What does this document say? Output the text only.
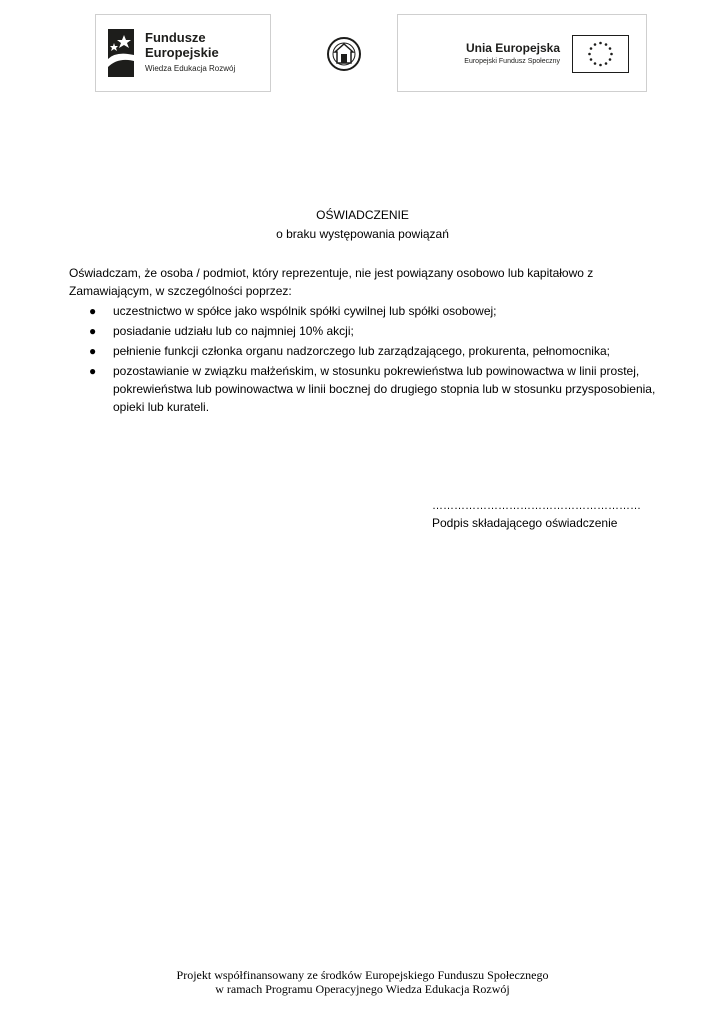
Fundusze
Europejskie
Wiedza Edukacja Rozwój
Unia Europejska
Europejski Fundusz Społeczny
OŚWIADCZENIE
o braku występowania powiązań

Oświadczam, że osoba / podmiot, który reprezentuje, nie jest powiązany osobowo lub kapitałowo z Zamawiającym, w szczególności poprzez:

● uczestnictwo w spółce jako wspólnik spółki cywilnej lub spółki osobowej;
● posiadanie udziału lub co najmniej 10% akcji;
● pełnienie funkcji członka organu nadzorczego lub zarządzającego, prokurenta, pełnomocnika;
● pozostawianie w związku małżeńskim, w stosunku pokrewieństwa lub powinowactwa w linii prostej, pokrewieństwa lub powinowactwa w linii bocznej do drugiego stopnia lub w stosunku przysposobienia, opieki lub kurateli.
…………………………………………………
Podpis składającego oświadczenie
Projekt współfinansowany ze środków Europejskiego Funduszu Społecznego
w ramach Programu Operacyjnego Wiedza Edukacja Rozwój
